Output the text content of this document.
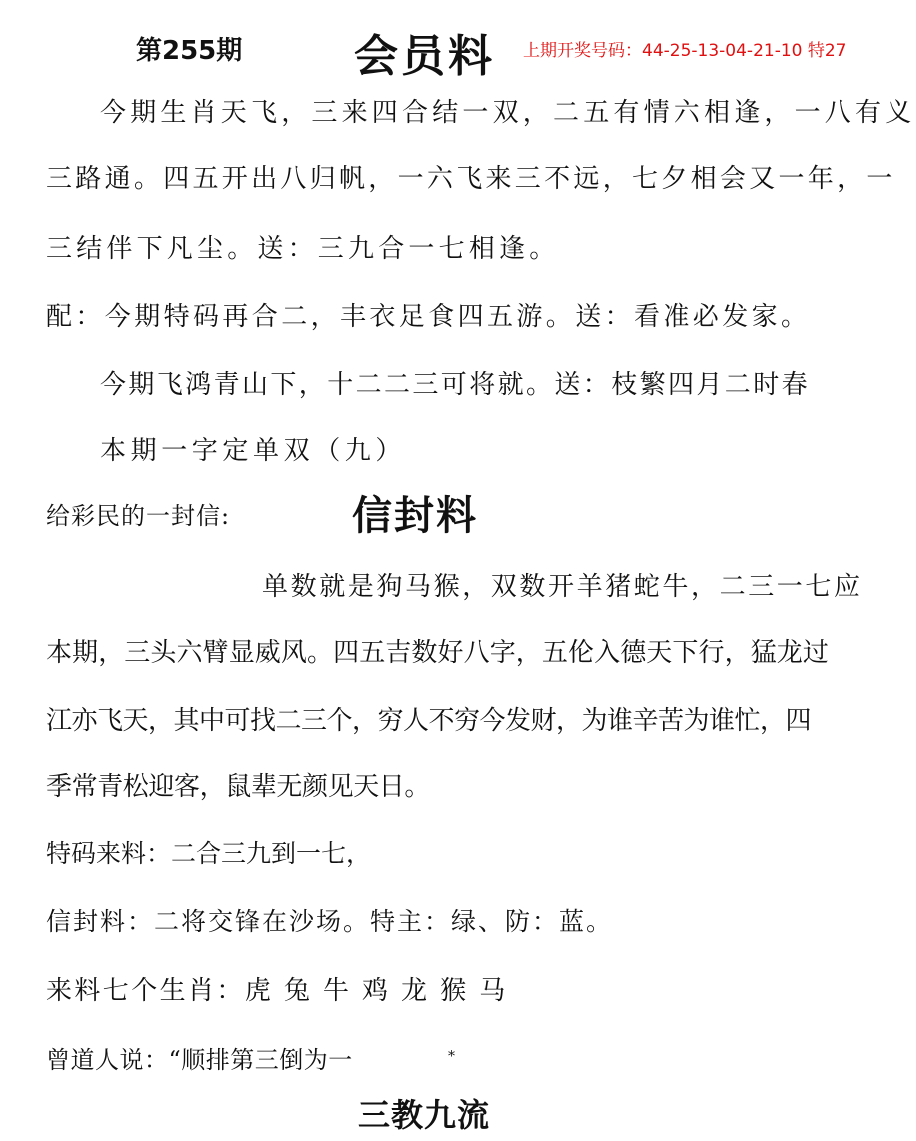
第255期	会员料 上期开奖号码：44-25-13-04-21-10 特27
今期生肖天飞，三来四合结一双，二五有情六相逢，一八有义
三路通。四五开出八归帆，一六飞来三不远，七夕相会又一年，一
三结伴下凡尘。送：三九合一七相逢。
配：今期特码再合二，丰衣足食四五游。送：看准必发家。
今期飞鸿青山下，十二二三可将就。送：枝繁四月二时春
本期一字定单双（九）
给彩民的一封信:	信封料
单数就是狗马猴，双数开羊猪蛇牛，二三一七应
本期，三头六臂显威风。四五吉数好八字，五伦入德天下行，猛龙过
江亦飞天，其中可找二三个，穷人不穷今发财，为谁辛苦为谁忙，四
季常青松迎客，鼠辈无颜见天日。
特码来料：二合三九到一七，
信封料：二将交锋在沙场。特主：绿、防：蓝。
来料七个生肖：虎 兔 牛 鸡 龙 猴 马
曾道人说：“顺排第三倒为一	⁎
三教九流
